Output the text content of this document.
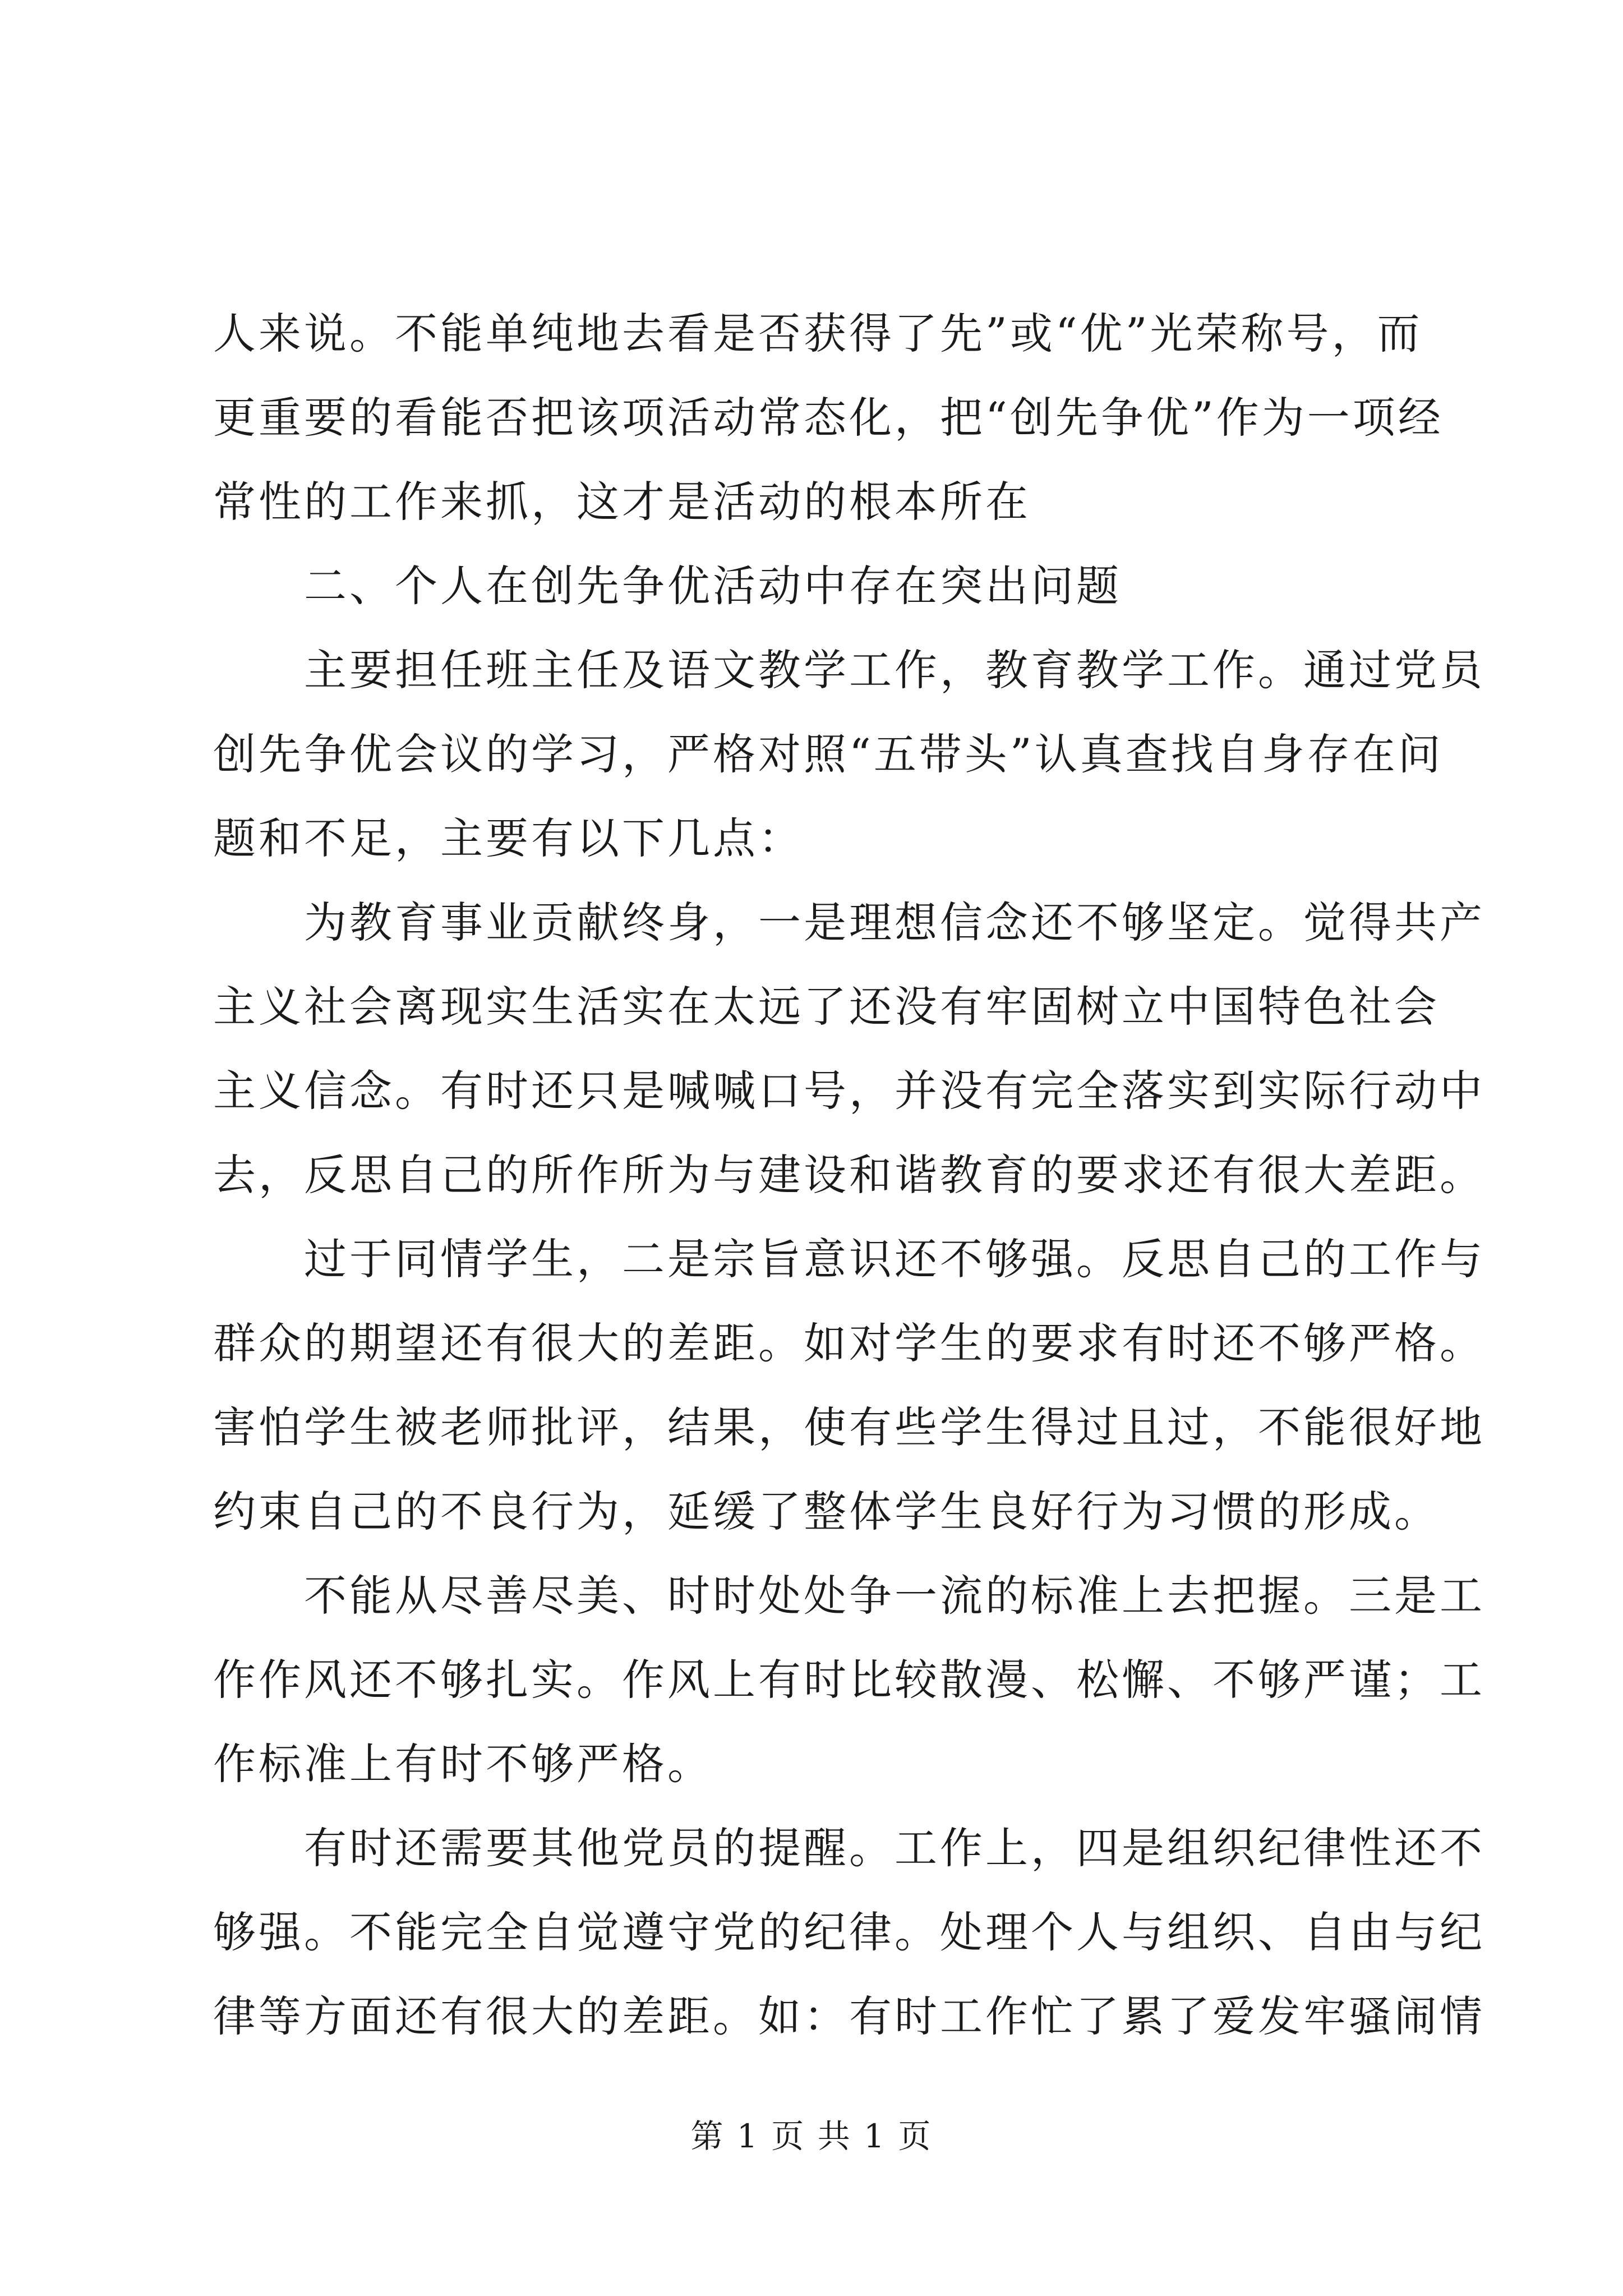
人来说。不能单纯地去看是否获得了先”或“优”光荣称号，而
更重要的看能否把该项活动常态化，把“创先争优”作为一项经
常性的工作来抓，这才是活动的根本所在
二、个人在创先争优活动中存在突出问题
主要担任班主任及语文教学工作，教育教学工作。通过党员
创先争优会议的学习，严格对照“五带头”认真查找自身存在问
题和不足，主要有以下几点：
为教育事业贡献终身，一是理想信念还不够坚定。觉得共产
主义社会离现实生活实在太远了还没有牢固树立中国特色社会
主义信念。有时还只是喊喊口号，并没有完全落实到实际行动中
去，反思自己的所作所为与建设和谐教育的要求还有很大差距。
过于同情学生，二是宗旨意识还不够强。反思自己的工作与
群众的期望还有很大的差距。如对学生的要求有时还不够严格。
害怕学生被老师批评，结果，使有些学生得过且过，不能很好地
约束自己的不良行为，延缓了整体学生良好行为习惯的形成。
不能从尽善尽美、时时处处争一流的标准上去把握。三是工
作作风还不够扎实。作风上有时比较散漫、松懈、不够严谨；工
作标准上有时不够严格。
有时还需要其他党员的提醒。工作上，四是组织纪律性还不
够强。不能完全自觉遵守党的纪律。处理个人与组织、自由与纪
律等方面还有很大的差距。如：有时工作忙了累了爱发牢骚闹情
第 1 页 共 1 页
